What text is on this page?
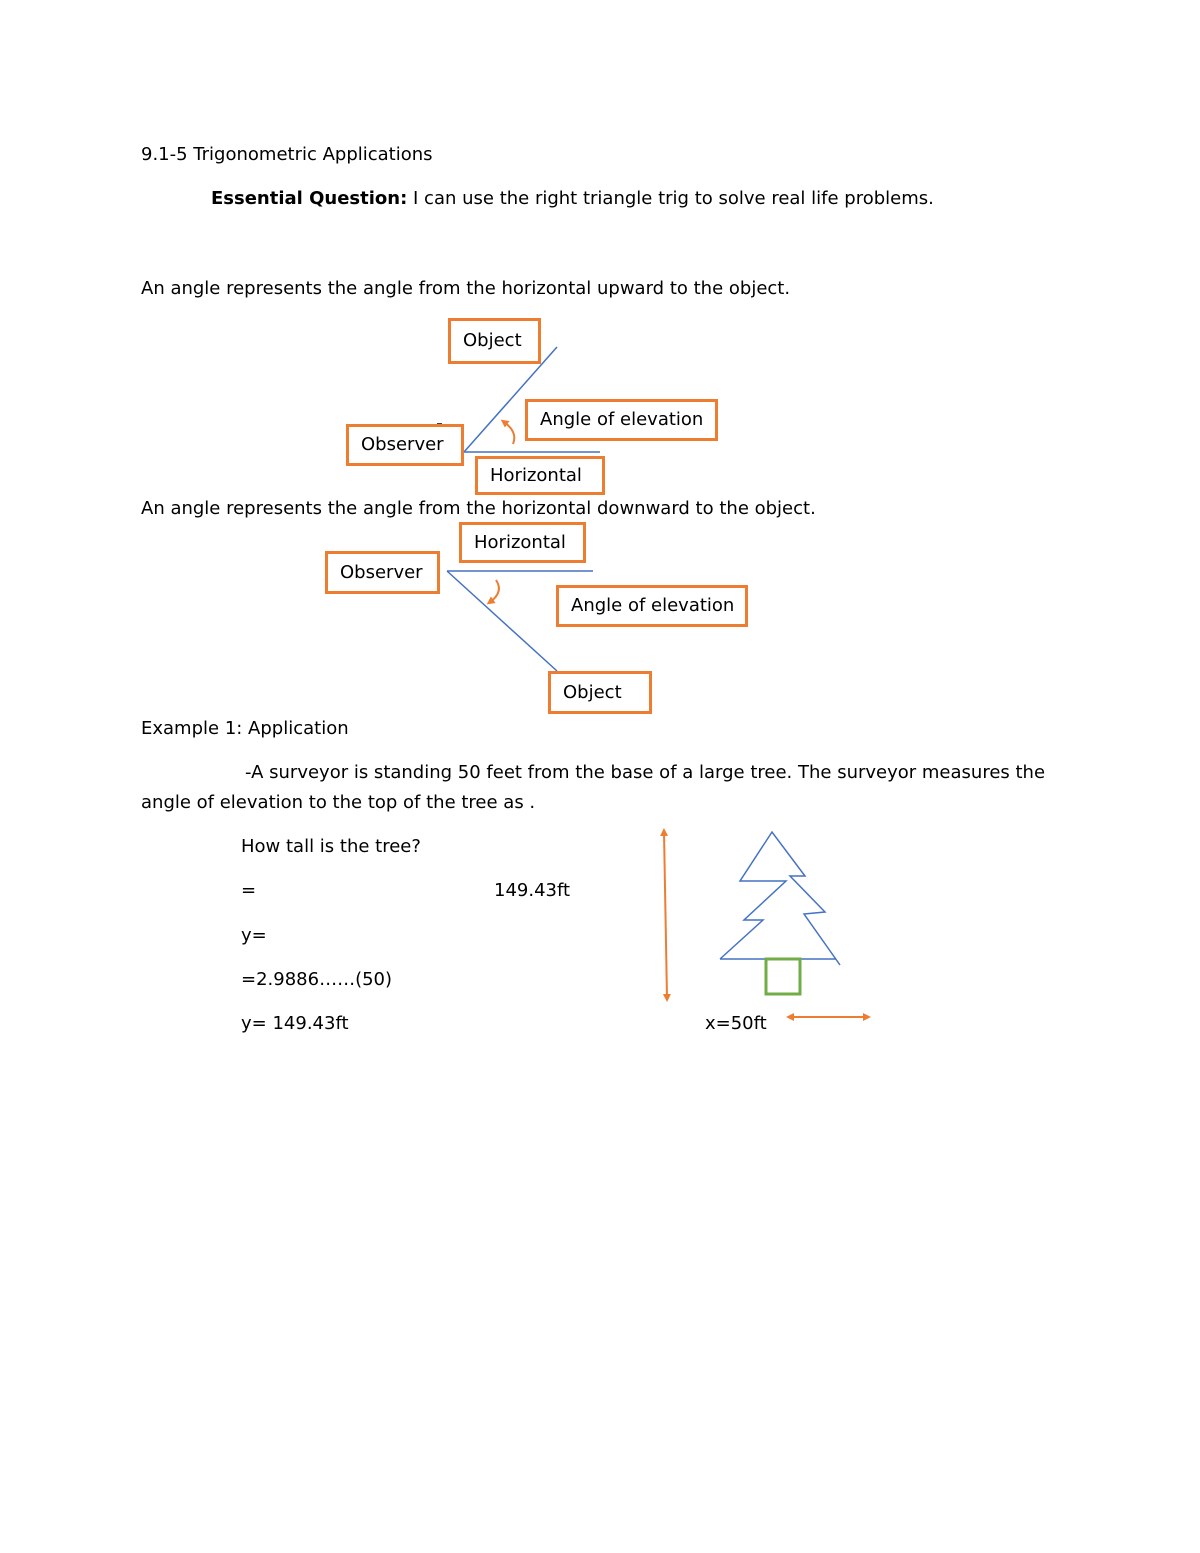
9.1-5 Trigonometric Applications
Essential Question: I can use the right triangle trig to solve real life problems.
An angle represents the angle from the horizontal upward to the object.
Object
Angle of elevation
Observer
Horizontal
An angle represents the angle from the horizontal downward to the object.
Horizontal
Observer
Angle of elevation
Object
Example 1: Application
-A surveyor is standing 50 feet from the base of a large tree. The surveyor measures the
angle of elevation to the top of the tree as .
How tall is the tree?
=	149.43ft
y=
=2.9886……(50)
y= 149.43ft	x=50ft
